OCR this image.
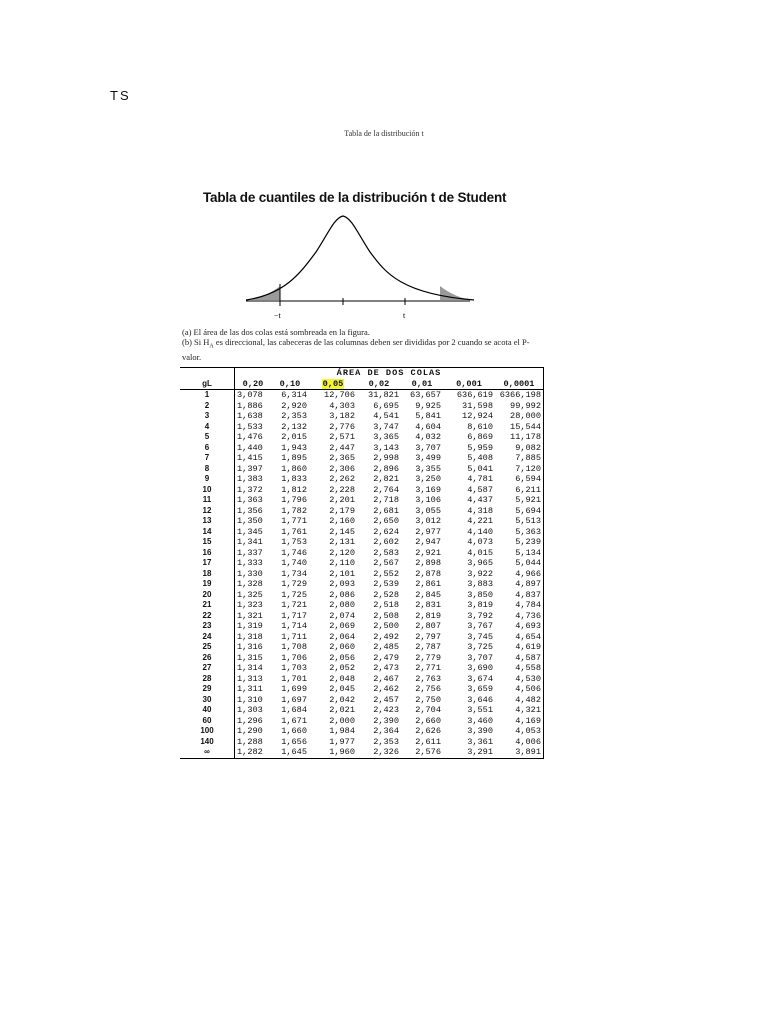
TS
Tabla de la distribución t
Tabla de cuantiles de la distribución t de Student
−t	t
(a) El área de las dos colas está sombreada en la figura.
(b) Si $H_A$ es direccional, las cabeceras de las columnas deben ser divididas por 2 cuando se acota el P-valor.
	ÁREA DE DOS COLAS						
gL	0,20	0,10	0,05	0,02	0,01	0,001	0,0001
1	3,078	6,314	12,706	31,821	63,657	636,619	6366,198
2	1,886	2,920	4,303	6,695	9,925	31,598	99,992
3	1,638	2,353	3,182	4,541	5,841	12,924	28,000
4	1,533	2,132	2,776	3,747	4,604	8,610	15,544
5	1,476	2,015	2,571	3,365	4,032	6,869	11,178
6	1,440	1,943	2,447	3,143	3,707	5,959	9,082
7	1,415	1,895	2,365	2,998	3,499	5,408	7,885
8	1,397	1,860	2,306	2,896	3,355	5,041	7,120
9	1,383	1,833	2,262	2,821	3,250	4,781	6,594
10	1,372	1,812	2,228	2,764	3,169	4,587	6,211
11	1,363	1,796	2,201	2,718	3,106	4,437	5,921
12	1,356	1,782	2,179	2,681	3,055	4,318	5,694
13	1,350	1,771	2,160	2,650	3,012	4,221	5,513
14	1,345	1,761	2,145	2,624	2,977	4,140	5,363
15	1,341	1,753	2,131	2,602	2,947	4,073	5,239
16	1,337	1,746	2,120	2,583	2,921	4,015	5,134
17	1,333	1,740	2,110	2,567	2,898	3,965	5,044
18	1,330	1,734	2,101	2,552	2,878	3,922	4,966
19	1,328	1,729	2,093	2,539	2,861	3,883	4,897
20	1,325	1,725	2,086	2,528	2,845	3,850	4,837
21	1,323	1,721	2,080	2,518	2,831	3,819	4,784
22	1,321	1,717	2,074	2,508	2,819	3,792	4,736
23	1,319	1,714	2,069	2,500	2,807	3,767	4,693
24	1,318	1,711	2,064	2,492	2,797	3,745	4,654
25	1,316	1,708	2,060	2,485	2,787	3,725	4,619
26	1,315	1,706	2,056	2,479	2,779	3,707	4,587
27	1,314	1,703	2,052	2,473	2,771	3,690	4,558
28	1,313	1,701	2,048	2,467	2,763	3,674	4,530
29	1,311	1,699	2,045	2,462	2,756	3,659	4,506
30	1,310	1,697	2,042	2,457	2,750	3,646	4,482
40	1,303	1,684	2,021	2,423	2,704	3,551	4,321
60	1,296	1,671	2,000	2,390	2,660	3,460	4,169
100	1,290	1,660	1,984	2,364	2,626	3,390	4,053
140	1,288	1,656	1,977	2,353	2,611	3,361	4,006
∞	1,282	1,645	1,960	2,326	2,576	3,291	3,891
